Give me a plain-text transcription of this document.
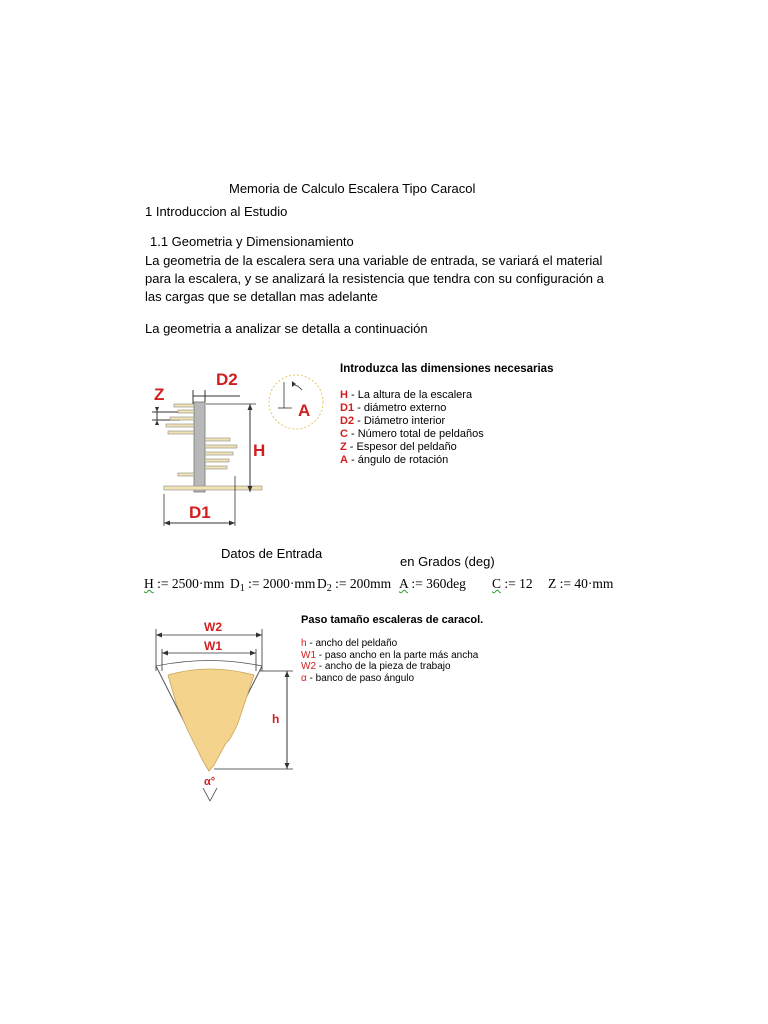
Memoria de Calculo Escalera Tipo Caracol
1 Introduccion al Estudio
1.1 Geometria y Dimensionamiento
La geometria de la escalera sera una variable de entrada, se variará el material para la escalera, y se analizará la resistencia que tendra con su configuración a las cargas que se detallan mas adelante
La geometria a analizar se detalla a continuación
Z
D2
H
D1
A
Introduzca las dimensiones necesarias
H - La altura de la escalera
D1 - diámetro externo
D2 - Diámetro interior
C - Número total de peldaños
Z - Espesor del peldaño
A - ángulo de rotación
Datos de Entrada
en Grados (deg)
H := 2500·mm $D_1$ := 2000·mm $D_2$ := 200mm A := 360deg C := 12 Z := 40·mm
W2
W1
h
α°
Paso tamaño escaleras de caracol.
h - ancho del peldaño
W1 - paso ancho en la parte más ancha
W2 - ancho de la pieza de trabajo
α - banco de paso ángulo
